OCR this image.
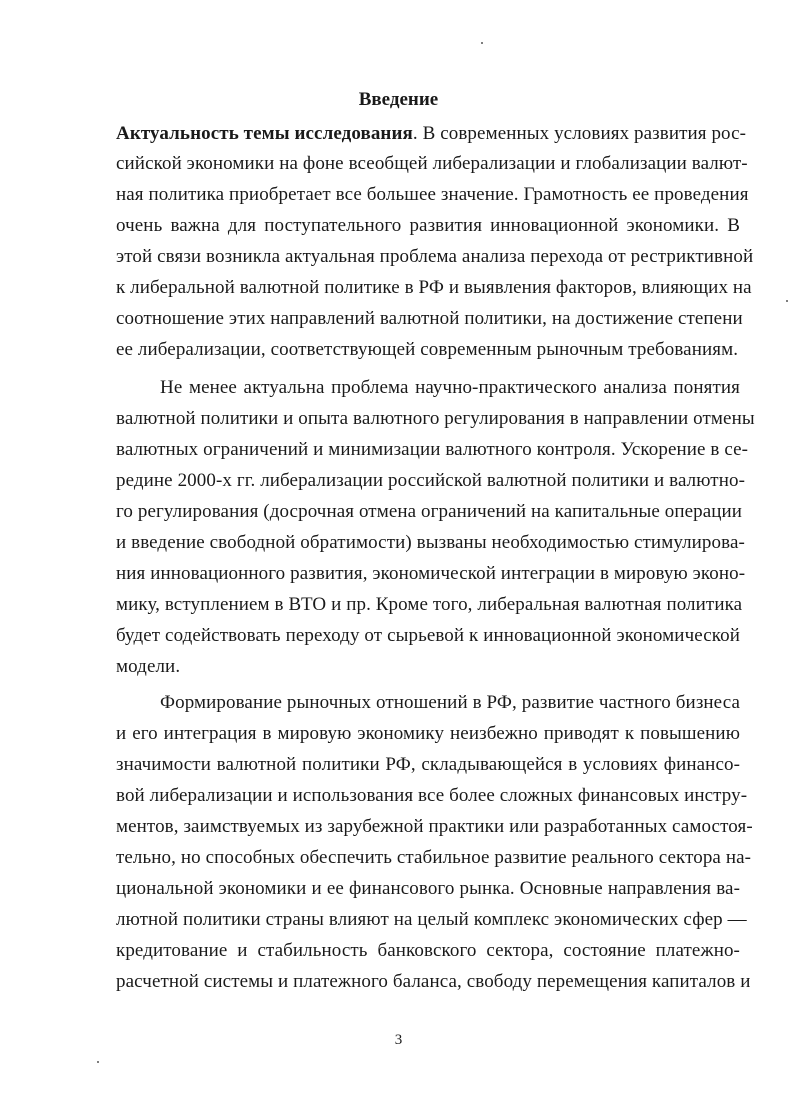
Введение
Актуальность темы исследования. В современных условиях развития рос-
сийской экономики на фоне всеобщей либерализации и глобализации валют-
ная политика приобретает все большее значение. Грамотность ее проведения
очень важна для поступательного развития инновационной экономики. В
этой связи возникла актуальная проблема анализа перехода от рестриктивной
к либеральной валютной политике в РФ и выявления факторов, влияющих на
соотношение этих направлений валютной политики, на достижение степени
ее либерализации, соответствующей современным рыночным требованиям.
Не менее актуальна проблема научно-практического анализа понятия
валютной политики и опыта валютного регулирования в направлении отмены
валютных ограничений и минимизации валютного контроля. Ускорение в се-
редине 2000-х гг. либерализации российской валютной политики и валютно-
го регулирования (досрочная отмена ограничений на капитальные операции
и введение свободной обратимости) вызваны необходимостью стимулирова-
ния инновационного развития, экономической интеграции в мировую эконо-
мику, вступлением в ВТО и пр. Кроме того, либеральная валютная политика
будет содействовать переходу от сырьевой к инновационной экономической
модели.
Формирование рыночных отношений в РФ, развитие частного бизнеса
и его интеграция в мировую экономику неизбежно приводят к повышению
значимости валютной политики РФ, складывающейся в условиях финансо-
вой либерализации и использования все более сложных финансовых инстру-
ментов, заимствуемых из зарубежной практики или разработанных самостоя-
тельно, но способных обеспечить стабильное развитие реального сектора на-
циональной экономики и ее финансового рынка. Основные направления ва-
лютной политики страны влияют на целый комплекс экономических сфер —
кредитование и стабильность банковского сектора, состояние платежно-
расчетной системы и платежного баланса, свободу перемещения капиталов и
3
